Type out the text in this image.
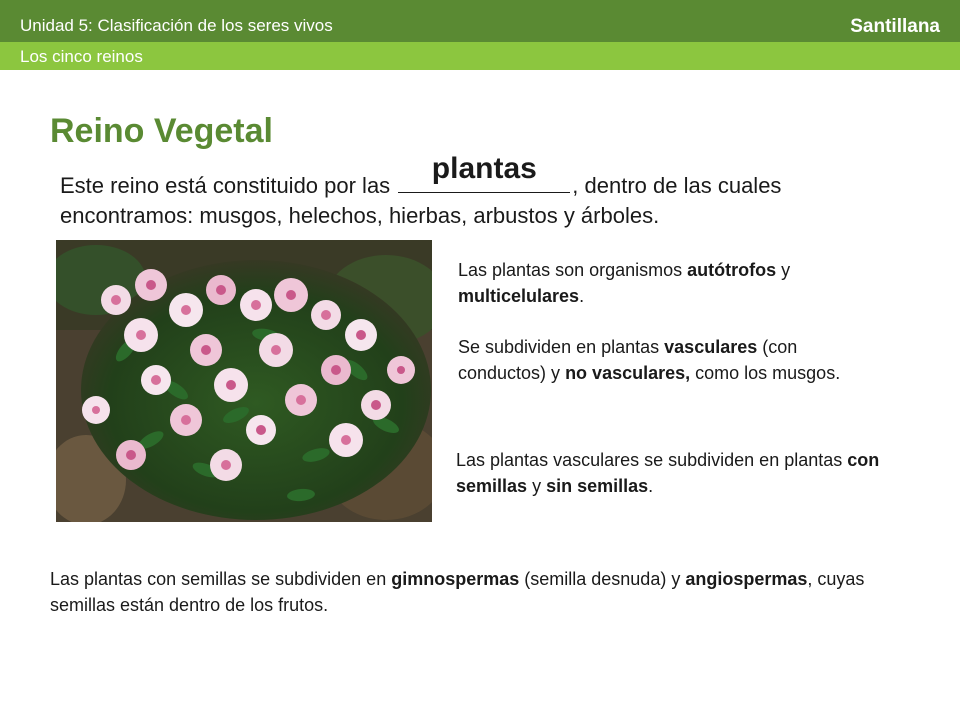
Unidad 5: Clasificación de los seres vivos	Santillana
Los cinco reinos
Reino Vegetal
Este reino está constituido por las
plantas
, dentro de las cuales encontramos: musgos, helechos, hierbas, arbustos y árboles.

Las plantas son organismos autótrofos y multicelulares.

Se subdividen en plantas vasculares (con conductos) y no vasculares, como los musgos.

Las plantas vasculares se subdividen en plantas con semillas y sin semillas.

Las plantas con semillas se subdividen en gimnospermas (semilla desnuda) y angiospermas, cuyas semillas están dentro de los frutos.
